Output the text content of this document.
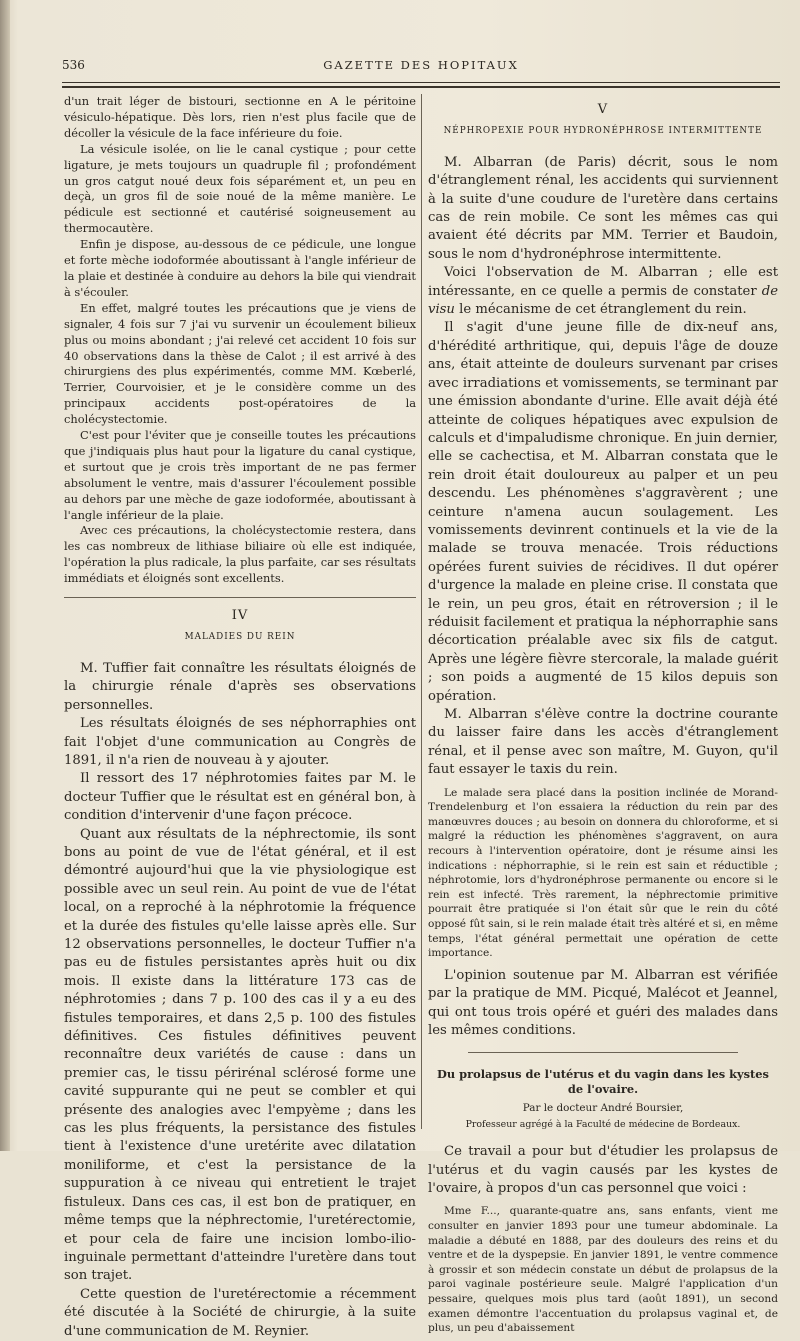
536	GAZETTE DES HOPITAUX

d'un trait léger de bistouri, sectionne en A le péritoine vésiculo-hépatique. Dès lors, rien n'est plus facile que de décoller la vésicule de la face inférieure du foie.

La vésicule isolée, on lie le canal cystique ; pour cette ligature, je mets toujours un quadruple fil ; profondément un gros catgut noué deux fois séparément et, un peu en deçà, un gros fil de soie noué de la même manière. Le pédicule est sectionné et cautérisé soigneusement au thermocautère.

Enfin je dispose, au-dessous de ce pédicule, une longue et forte mèche iodoformée aboutissant à l'angle inférieur de la plaie et destinée à conduire au dehors la bile qui viendrait à s'écouler.

En effet, malgré toutes les précautions que je viens de signaler, 4 fois sur 7 j'ai vu survenir un écoulement bilieux plus ou moins abondant ; j'ai relevé cet accident 10 fois sur 40 observations dans la thèse de Calot ; il est arrivé à des chirurgiens des plus expérimentés, comme MM. Kœberlé, Terrier, Courvoisier, et je le considère comme un des principaux accidents post-opératoires de la cholécystectomie.

C'est pour l'éviter que je conseille toutes les précautions que j'indiquais plus haut pour la ligature du canal cystique, et surtout que je crois très important de ne pas fermer absolument le ventre, mais d'assurer l'écoulement possible au dehors par une mèche de gaze iodoformée, aboutissant à l'angle inférieur de la plaie.

Avec ces précautions, la cholécystectomie restera, dans les cas nombreux de lithiase biliaire où elle est indiquée, l'opération la plus radicale, la plus parfaite, car ses résultats immédiats et éloignés sont excellents.

IV

MALADIES DU REIN

M. Tuffier fait connaître les résultats éloignés de la chirurgie rénale d'après ses observations personnelles.

Les résultats éloignés de ses néphorraphies ont fait l'objet d'une communication au Congrès de 1891, il n'a rien de nouveau à y ajouter.

Il ressort des 17 néphrotomies faites par M. le docteur Tuffier que le résultat est en général bon, à condition d'intervenir d'une façon précoce.

Quant aux résultats de la néphrectomie, ils sont bons au point de vue de l'état général, et il est démontré aujourd'hui que la vie physiologique est possible avec un seul rein. Au point de vue de l'état local, on a reproché à la néphrotomie la fréquence et la durée des fistules qu'elle laisse après elle. Sur 12 observations personnelles, le docteur Tuffier n'a pas eu de fistules persistantes après huit ou dix mois. Il existe dans la littérature 173 cas de néphrotomies ; dans 7 p. 100 des cas il y a eu des fistules temporaires, et dans 2,5 p. 100 des fistules définitives. Ces fistules définitives peuvent reconnaître deux variétés de cause : dans un premier cas, le tissu périrénal sclérosé forme une cavité suppurante qui ne peut se combler et qui présente des analogies avec l'empyème ; dans les cas les plus fréquents, la persistance des fistules tient à l'existence d'une uretérite avec dilatation moniliforme, et c'est la persistance de la suppuration à ce niveau qui entretient le trajet fistuleux. Dans ces cas, il est bon de pratiquer, en même temps que la néphrectomie, l'uretérectomie, et pour cela de faire une incision lombo-ilio-inguinale permettant d'atteindre l'uretère dans tout son trajet.

Cette question de l'uretérectomie a récemment été discutée à la Société de chirurgie, à la suite d'une communication de M. Reynier.

V

NÉPHROPEXIE POUR HYDRONÉPHROSE INTERMITTENTE

M. Albarran (de Paris) décrit, sous le nom d'étranglement rénal, les accidents qui surviennent à la suite d'une coudure de l'uretère dans certains cas de rein mobile. Ce sont les mêmes cas qui avaient été décrits par MM. Terrier et Baudoin, sous le nom d'hydronéphrose intermittente.

Voici l'observation de M. Albarran ; elle est intéressante, en ce quelle a permis de constater de visu le mécanisme de cet étranglement du rein.

Il s'agit d'une jeune fille de dix-neuf ans, d'hérédité arthritique, qui, depuis l'âge de douze ans, était atteinte de douleurs survenant par crises avec irradiations et vomissements, se terminant par une émission abondante d'urine. Elle avait déjà été atteinte de coliques hépatiques avec expulsion de calculs et d'impaludisme chronique. En juin dernier, elle se cachectisa, et M. Albarran constata que le rein droit était douloureux au palper et un peu descendu. Les phénomènes s'aggravèrent ; une ceinture n'amena aucun soulagement. Les vomissements devinrent continuels et la vie de la malade se trouva menacée. Trois réductions opérées furent suivies de récidives. Il dut opérer d'urgence la malade en pleine crise. Il constata que le rein, un peu gros, était en rétroversion ; il le réduisit facilement et pratiqua la néphorraphie sans décortication préalable avec six fils de catgut. Après une légère fièvre stercorale, la malade guérit ; son poids a augmenté de 15 kilos depuis son opération.

M. Albarran s'élève contre la doctrine courante du laisser faire dans les accès d'étranglement rénal, et il pense avec son maître, M. Guyon, qu'il faut essayer le taxis du rein.

Le malade sera placé dans la position inclinée de Morand-Trendelenburg et l'on essaiera la réduction du rein par des manœuvres douces ; au besoin on donnera du chloroforme, et si malgré la réduction les phénomènes s'aggravent, on aura recours à l'intervention opératoire, dont je résume ainsi les indications : néphorraphie, si le rein est sain et réductible ; néphrotomie, lors d'hydronéphrose permanente ou encore si le rein est infecté. Très rarement, la néphrectomie primitive pourrait être pratiquée si l'on était sûr que le rein du côté opposé fût sain, si le rein malade était très altéré et si, en même temps, l'état général permettait une opération de cette importance.

L'opinion soutenue par M. Albarran est vérifiée par la pratique de MM. Picqué, Malécot et Jeannel, qui ont tous trois opéré et guéri des malades dans les mêmes conditions.

Du prolapsus de l'utérus et du vagin dans les kystes de l'ovaire.

Par le docteur André Boursier,

Professeur agrégé à la Faculté de médecine de Bordeaux.

Ce travail a pour but d'étudier les prolapsus de l'utérus et du vagin causés par les kystes de l'ovaire, à propos d'un cas personnel que voici :

Mme F..., quarante-quatre ans, sans enfants, vient me consulter en janvier 1893 pour une tumeur abdominale. La maladie a débuté en 1888, par des douleurs des reins et du ventre et de la dyspepsie. En janvier 1891, le ventre commence à grossir et son médecin constate un début de prolapsus de la paroi vaginale postérieure seule. Malgré l'application d'un pessaire, quelques mois plus tard (août 1891), un second examen démontre l'accentuation du prolapsus vaginal et, de plus, un peu d'abaissement
